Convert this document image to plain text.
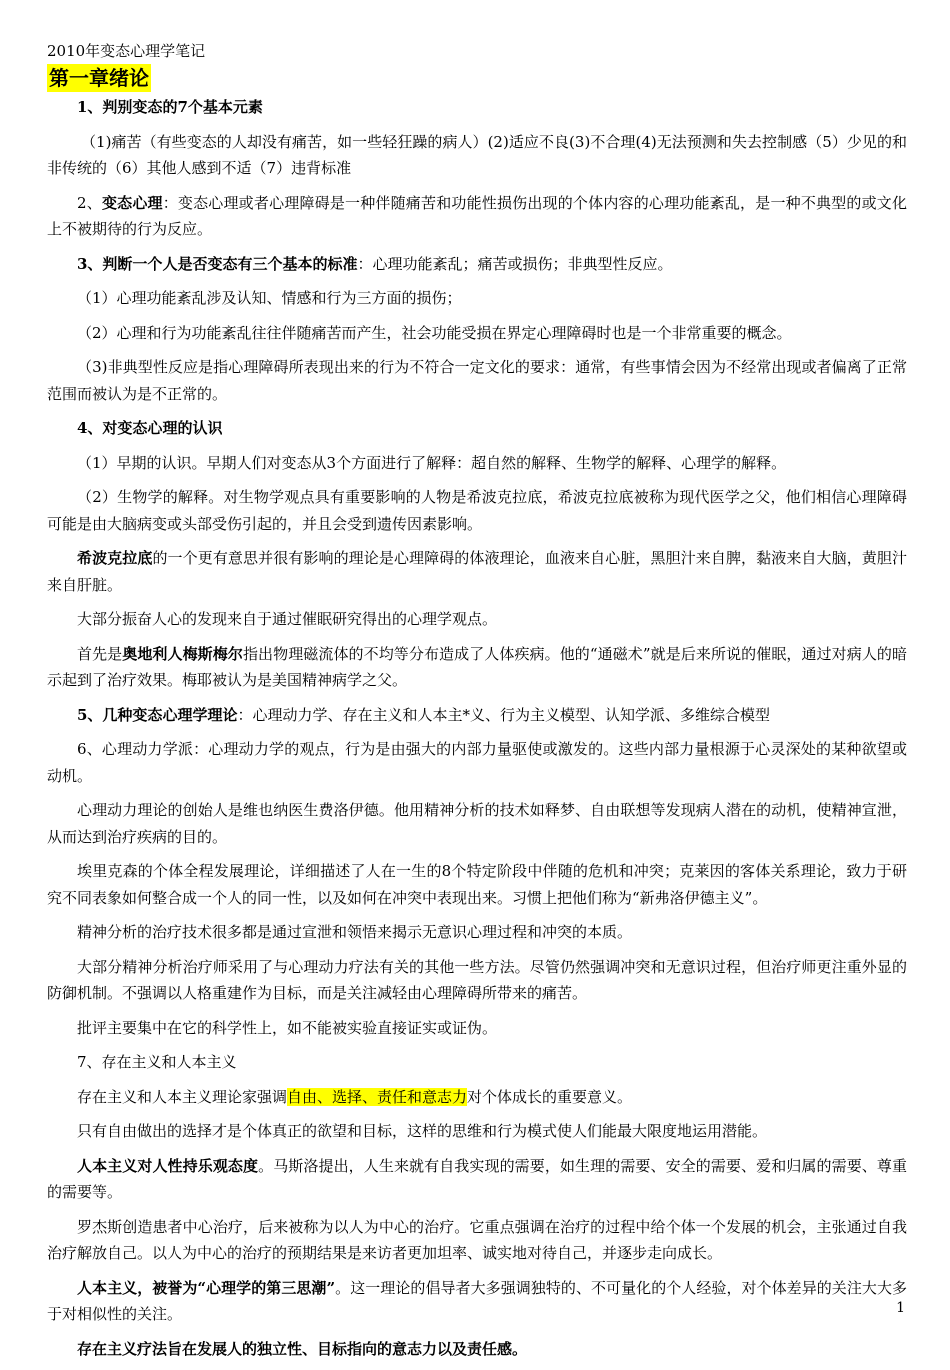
2010年变态心理学笔记
第一章绪论

1、判别变态的7个基本元素

（1)痛苦（有些变态的人却没有痛苦，如一些轻狂躁的病人）(2)适应不良(3)不合理(4)无法预测和失去控制感（5）少见的和非传统的（6）其他人感到不适（7）违背标准

2、变态心理：变态心理或者心理障碍是一种伴随痛苦和功能性损伤出现的个体内容的心理功能紊乱，是一种不典型的或文化上不被期待的行为反应。

3、判断一个人是否变态有三个基本的标准：心理功能紊乱；痛苦或损伤；非典型性反应。

（1）心理功能紊乱涉及认知、情感和行为三方面的损伤；

（2）心理和行为功能紊乱往往伴随痛苦而产生，社会功能受损在界定心理障碍时也是一个非常重要的概念。

（3)非典型性反应是指心理障碍所表现出来的行为不符合一定文化的要求：通常，有些事情会因为不经常出现或者偏离了正常范围而被认为是不正常的。

4、对变态心理的认识

（1）早期的认识。早期人们对变态从3个方面进行了解释：超自然的解释、生物学的解释、心理学的解释。

（2）生物学的解释。对生物学观点具有重要影响的人物是希波克拉底，希波克拉底被称为现代医学之父，他们相信心理障碍可能是由大脑病变或头部受伤引起的，并且会受到遗传因素影响。

希波克拉底的一个更有意思并很有影响的理论是心理障碍的体液理论，血液来自心脏，黑胆汁来自脾，黏液来自大脑，黄胆汁来自肝脏。

大部分振奋人心的发现来自于通过催眠研究得出的心理学观点。

首先是奥地利人梅斯梅尔指出物理磁流体的不均等分布造成了人体疾病。他的“通磁术”就是后来所说的催眠，通过对病人的暗示起到了治疗效果。梅耶被认为是美国精神病学之父。

5、几种变态心理学理论：心理动力学、存在主义和人本主*义、行为主义模型、认知学派、多维综合模型

6、心理动力学派：心理动力学的观点，行为是由强大的内部力量驱使或激发的。这些内部力量根源于心灵深处的某种欲望或动机。

心理动力理论的创始人是维也纳医生费洛伊德。他用精神分析的技术如释梦、自由联想等发现病人潜在的动机，使精神宣泄，从而达到治疗疾病的目的。

埃里克森的个体全程发展理论，详细描述了人在一生的8个特定阶段中伴随的危机和冲突；克莱因的客体关系理论，致力于研究不同表象如何整合成一个人的同一性，以及如何在冲突中表现出来。习惯上把他们称为“新弗洛伊德主义”。

精神分析的治疗技术很多都是通过宣泄和领悟来揭示无意识心理过程和冲突的本质。

大部分精神分析治疗师采用了与心理动力疗法有关的其他一些方法。尽管仍然强调冲突和无意识过程，但治疗师更注重外显的防御机制。不强调以人格重建作为目标，而是关注减轻由心理障碍所带来的痛苦。

批评主要集中在它的科学性上，如不能被实验直接证实或证伪。

7、存在主义和人本主义

存在主义和人本主义理论家强调自由、选择、责任和意志力对个体成长的重要意义。

只有自由做出的选择才是个体真正的欲望和目标，这样的思维和行为模式使人们能最大限度地运用潜能。

人本主义对人性持乐观态度。马斯洛提出，人生来就有自我实现的需要，如生理的需要、安全的需要、爱和归属的需要、尊重的需要等。

罗杰斯创造患者中心治疗，后来被称为以人为中心的治疗。它重点强调在治疗的过程中给个体一个发展的机会，主张通过自我治疗解放自己。以人为中心的治疗的预期结果是来访者更加坦率、诚实地对待自己，并逐步走向成长。

人本主义，被誉为“心理学的第三思潮”。这一理论的倡导者大多强调独特的、不可量化的个人经验，对个体差异的关注大大多于对相似性的关注。

存在主义疗法旨在发展人的独立性、目标指向的意志力以及责任感。

1
